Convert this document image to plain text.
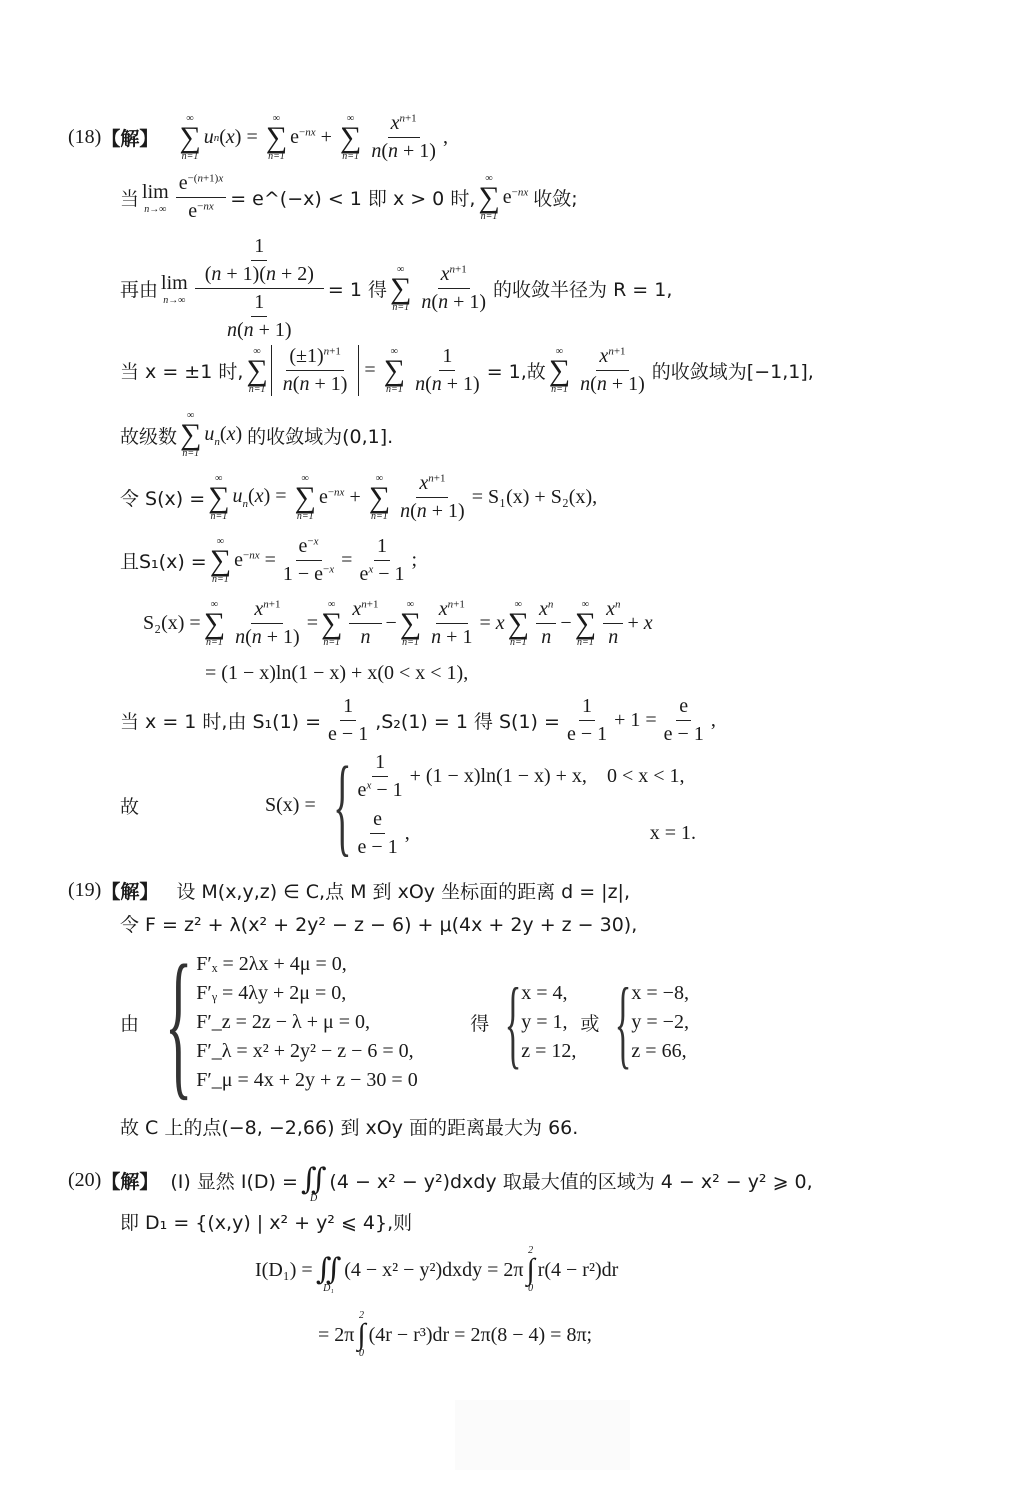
(18) 【解】
∞
∑
n=1
u n ( x ) =
∞
∑
n=1
$e^{-nx}$ +
∞
∑
$n=1 \frac{x^{n+1}}{n(n + 1)}$ ,
当 lim
$n\to\infty \frac{e^{-(n+1)x}}{e^{-nx}}$ = e^(−x) < 1 即 x > 0 时,
∞
∑
n=1
$e^{-nx}$ 收敛;
再由 lim
$n\to\infty \frac{\frac{1}{(n + 1)(n + 2)}}{\frac{1}{n(n + 1)}} = 1$ 得
∞
∑
$n=1 \frac{x^{n+1}}{n(n + 1)}$ 的收敛半径为 R = 1,
当 x = ±1 时,
∞
∑
$n=1 \frac{(\pm 1)^{n+1}}{n(n + 1)}$ =
∞
∑
$n=1 \frac{1}{n(n + 1)} = 1$,故
∞
∑
$n=1 \frac{x^{n+1}}{n(n + 1)}$ 的收敛域为[−1,1],
故级数
∞
∑
n=1
$u_n(x)$ 的收敛域为(0,1].
令 S(x) =
∞
∑
n=1
$u_n(x)$ =
∞
∑
n=1
$e^{-nx}$ +
∞
∑
$n=1 \frac{x^{n+1}}{n(n + 1)} = S_1(x) + S_2(x)$,
且S₁(x) =
∞
∑
n=1
$e^{-nx} = \frac{e^{-x}}{1 - e^{-x}} = \frac{1}{e^x - 1}$ ;
S₂(x) =
∞
∑
$n=1 \frac{x^{n+1}}{n(n + 1)}$ =
∞
∑
$n=1 \frac{x^{n+1}}{n}$ −
∞
∑
$n=1 \frac{x^{n+1}}{n + 1} = x$
∞
∑
$n=1 \frac{x^n}{n}$ −
∞
∑
$n=1 \frac{x^n}{n} + x$
= (1 − x)ln(1 − x) + x(0 < x < 1),
当 x = 1 时,由 $S_1(1) = \frac{1}{e - 1} ,S_2(1) = 1$ 得 $S(1) = \frac{1}{e - 1} + 1 = \frac{e}{e - 1}$ ,
故	S(x) = { $\frac{1}{e^x - 1} + (1 - x)\ln(1 - x) + x$, 0 < x < 1,
$\frac{e}{e - 1}$ ,	x = 1.
(19) 【解】 设 M(x,y,z) ∈ C,点 M 到 xOy 坐标面的距离 d = |z|,
令 F = z² + λ(x² + 2y² − z − 6) + μ(4x + 2y + z − 30),
由 { F′ₓ = 2λx + 4μ = 0,
F′ᵧ = 4λy + 2μ = 0,
F′_z = 2z − λ + μ = 0,
F′_λ = x² + 2y² − z − 6 = 0,
F′_μ = 4x + 2y + z − 30 = 0
得 { x = 4,
y = 1,
z = 12,
或 { x = −8,
y = −2,
z = 66,
故 C 上的点(−8, −2,66) 到 xOy 面的距离最大为 66.
(20) 【解】 (Ⅰ) 显然 I(D) =
∬
D
(4 − x² − y²)dxdy 取最大值的区域为 4 − x² − y² ⩾ 0,
即 D₁ = {(x,y) | x² + y² ⩽ 4},则
I(D₁) =
∬
D₁
(4 − x² − y²)dxdy = 2π
2
∫
0
r(4 − r²)dr
= 2π
2
∫
0
(4r − r³)dr = 2π(8 − 4) = 8π;
